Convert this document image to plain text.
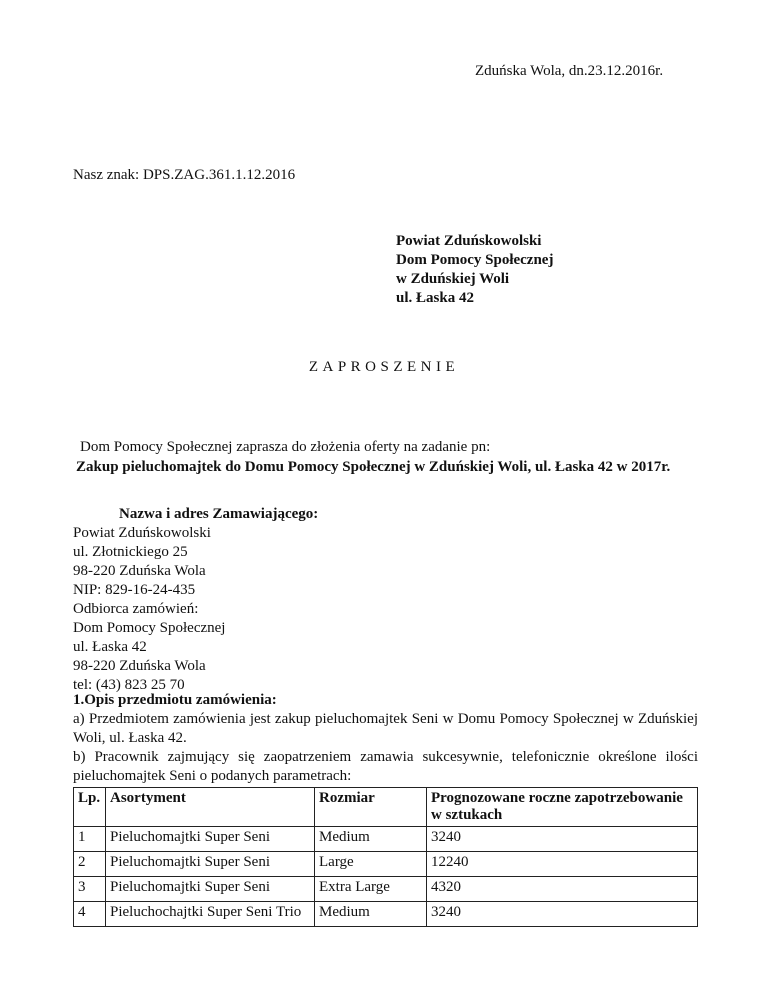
Zduńska Wola, dn.23.12.2016r.
Nasz znak: DPS.ZAG.361.1.12.2016
Powiat Zduńskowolski
Dom Pomocy Społecznej
w Zduńskiej Woli
ul. Łaska 42
ZAPROSZENIE
Dom Pomocy Społecznej zaprasza do złożenia oferty na zadanie pn:
Zakup pieluchomajtek do Domu Pomocy Społecznej w Zduńskiej Woli, ul. Łaska 42 w 2017r.
Nazwa i adres Zamawiającego:
Powiat Zduńskowolski
ul. Złotnickiego 25
98-220 Zduńska Wola
NIP: 829-16-24-435
Odbiorca zamówień:
Dom Pomocy Społecznej
ul. Łaska 42
98-220 Zduńska Wola
tel: (43) 823 25 70
1.Opis przedmiotu zamówienia:

a) Przedmiotem zamówienia jest zakup pieluchomajtek Seni w Domu Pomocy Społecznej w Zduńskiej Woli, ul. Łaska 42.

b) Pracownik zajmujący się zaopatrzeniem zamawia sukcesywnie, telefonicznie określone ilości pieluchomajtek Seni o podanych parametrach:

Lp.	Asortyment	Rozmiar	Prognozowane roczne zapotrzebowanie w sztukach
1	Pieluchomajtki Super Seni	Medium	3240
2	Pieluchomajtki Super Seni	Large	12240
3	Pieluchomajtki Super Seni	Extra Large	4320
4	Pieluchochajtki Super Seni Trio	Medium	3240
